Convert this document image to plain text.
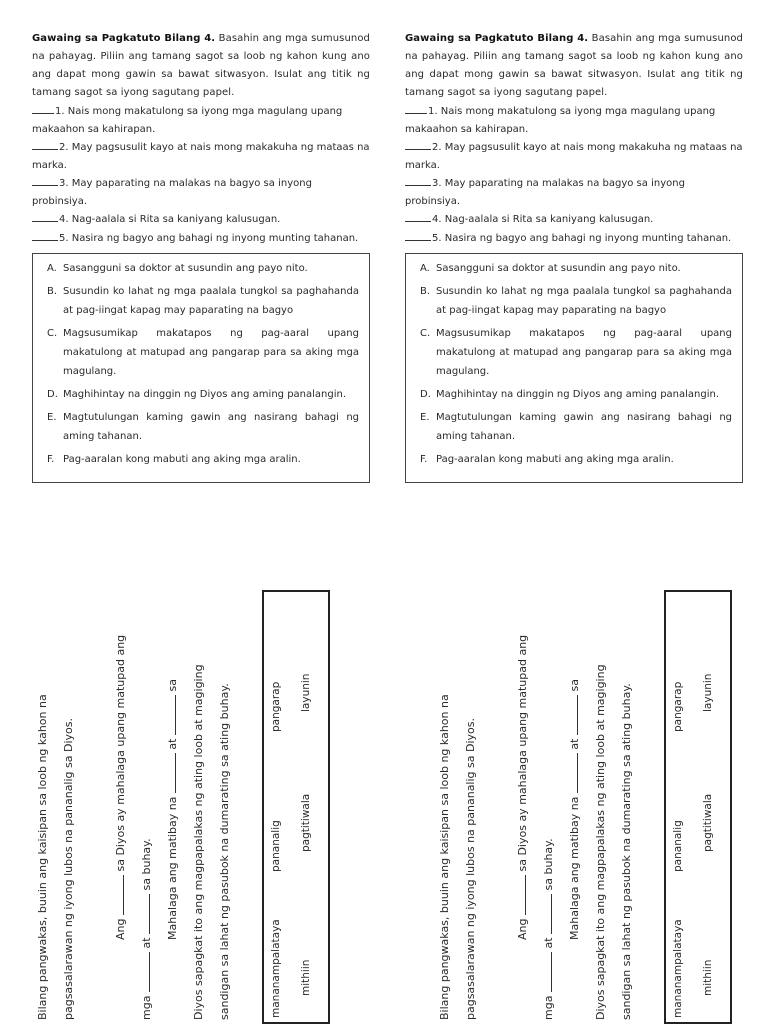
Gawaing sa Pagkatuto Bilang 4. Basahin ang mga sumusunod na pahayag. Piliin ang tamang sagot sa loob ng kahon kung ano ang dapat mong gawin sa bawat sitwasyon. Isulat ang titik ng tamang sagot sa iyong sagutang papel.

1. Nais mong makatulong sa iyong mga magulang upang makaahon sa kahirapan.
2. May pagsusulit kayo at nais mong makakuha ng mataas na marka.
3. May paparating na malakas na bagyo sa inyong probinsiya.
4. Nag-aalala si Rita sa kaniyang kalusugan.
5. Nasira ng bagyo ang bahagi ng inyong munting tahanan.
A. Sasangguni sa doktor at susundin ang payo nito.
B. Susundin ko lahat ng mga paalala tungkol sa paghahanda at pag-iingat kapag may paparating na bagyo
C. Magsusumikap makatapos ng pag-aaral upang makatulong at matupad ang pangarap para sa aking mga magulang.
D. Maghihintay na dinggin ng Diyos ang aming panalangin.
E. Magtutulungan kaming gawin ang nasirang bahagi ng aming tahanan.
F. Pag-aaralan kong mabuti ang aking mga aralin.

Gawaing sa Pagkatuto Bilang 4. Basahin ang mga sumusunod na pahayag. Piliin ang tamang sagot sa loob ng kahon kung ano ang dapat mong gawin sa bawat sitwasyon. Isulat ang titik ng tamang sagot sa iyong sagutang papel.

1. Nais mong makatulong sa iyong mga magulang upang makaahon sa kahirapan.
2. May pagsusulit kayo at nais mong makakuha ng mataas na marka.
3. May paparating na malakas na bagyo sa inyong probinsiya.
4. Nag-aalala si Rita sa kaniyang kalusugan.
5. Nasira ng bagyo ang bahagi ng inyong munting tahanan.
A. Sasangguni sa doktor at susundin ang payo nito.
B. Susundin ko lahat ng mga paalala tungkol sa paghahanda at pag-iingat kapag may paparating na bagyo
C. Magsusumikap makatapos ng pag-aaral upang makatulong at matupad ang pangarap para sa aking mga magulang.
D. Maghihintay na dinggin ng Diyos ang aming panalangin.
E. Magtutulungan kaming gawin ang nasirang bahagi ng aming tahanan.
F. Pag-aaralan kong mabuti ang aking mga aralin.
Bilang pangwakas, buuin ang kaisipan sa loob ng kahon na	pagsasalarawan ng iyong lubos na pananalig sa Diyos.	Ang  sa Diyos ay mahalaga upang matupad ang
mga  at  sa buhay.	Mahalaga ang matibay na  at  sa	Diyos sapagkat ito ang magpapalakas ng ating loob at magiging	sandigan sa lahat ng pasubok na dumarating sa ating buhay.	mananampalataya
pananalig
pangarap
mithiin
pagtitiwala
layunin
Bilang pangwakas, buuin ang kaisipan sa loob ng kahon na	pagsasalarawan ng iyong lubos na pananalig sa Diyos.	Ang  sa Diyos ay mahalaga upang matupad ang
mga  at  sa buhay.	Mahalaga ang matibay na  at  sa	Diyos sapagkat ito ang magpapalakas ng ating loob at magiging	sandigan sa lahat ng pasubok na dumarating sa ating buhay.	mananampalataya
pananalig
pangarap
mithiin
pagtitiwala
layunin
